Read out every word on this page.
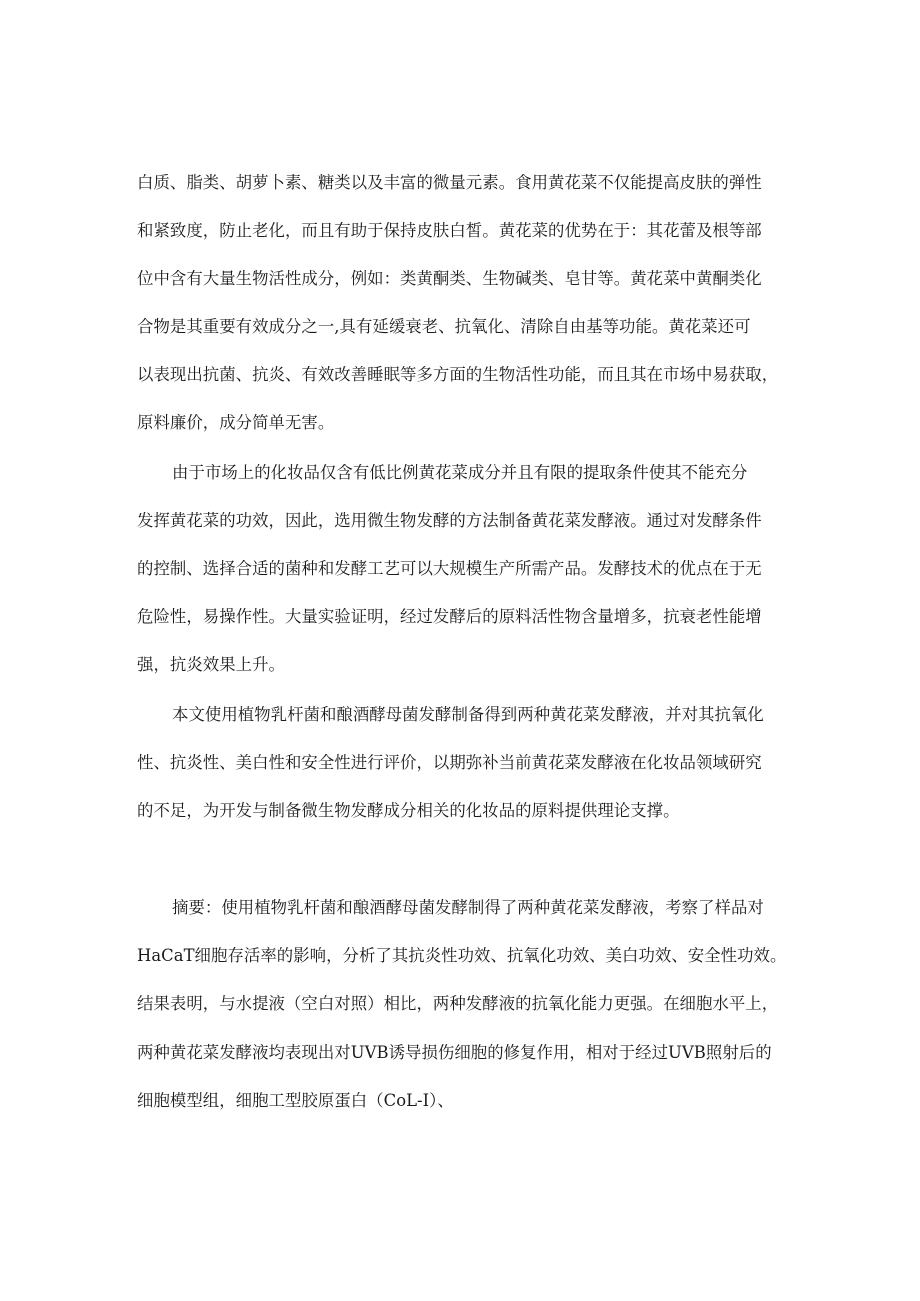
白质、脂类、胡萝卜素、糖类以及丰富的微量元素。食用黄花菜不仅能提高皮肤的弹性

和紧致度，防止老化，而且有助于保持皮肤白皙。黄花菜的优势在于：其花蕾及根等部

位中含有大量生物活性成分，例如：类黄酮类、生物碱类、皂甘等。黄花菜中黄酮类化

合物是其重要有效成分之一,具有延缓衰老、抗氧化、清除自由基等功能。黄花菜还可

以表现出抗菌、抗炎、有效改善睡眠等多方面的生物活性功能，而且其在市场中易获取，

原料廉价，成分简单无害。

由于市场上的化妆品仅含有低比例黄花菜成分并且有限的提取条件使其不能充分

发挥黄花菜的功效，因此，选用微生物发酵的方法制备黄花菜发酵液。通过对发酵条件

的控制、选择合适的菌种和发酵工艺可以大规模生产所需产品。发酵技术的优点在于无

危险性，易操作性。大量实验证明，经过发酵后的原料活性物含量增多，抗衰老性能增

强，抗炎效果上升。

本文使用植物乳杆菌和酿酒酵母菌发酵制备得到两种黄花菜发酵液，并对其抗氧化

性、抗炎性、美白性和安全性进行评价，以期弥补当前黄花菜发酵液在化妆品领域研究

的不足，为开发与制备微生物发酵成分相关的化妆品的原料提供理论支撑。

摘要：使用植物乳杆菌和酿酒酵母菌发酵制得了两种黄花菜发酵液，考察了样品对

HaCaT细胞存活率的影响，分析了其抗炎性功效、抗氧化功效、美白功效、安全性功效。

结果表明，与水提液（空白对照）相比，两种发酵液的抗氧化能力更强。在细胞水平上，

两种黄花菜发酵液均表现出对UVB诱导损伤细胞的修复作用，相对于经过UVB照射后的

细胞模型组，细胞工型胶原蛋白（CoL-I）、
